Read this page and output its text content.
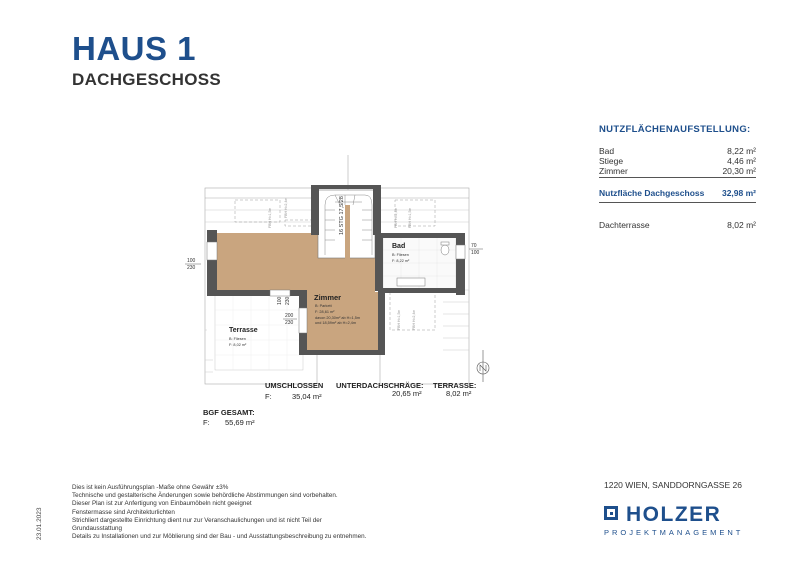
HAUS 1
DACHGESCHOSS
16 STG 17,5/28
Zimmer
B: Parkett
F: 28,61 m²
davon 20,30m² ab H=1,5m
und 18,59m² ab H=2,4m
Bad
B: Fliesen
F: 8,22 m²
Terrasse
B: Fliesen
F: 8,02 m²
100
230
70
100
200
230
100 230
FBH H=1,5m	FBH H=2,4m	FBH H=2,4m	FBH H=1,5m
FBH H=1,5m	FBH H=2,4m
UMSCHLOSSEN
F:	35,04 m²
UNTERDACHSCHRÄGE:
20,65 m²
TERRASSE:
8,02 m²
BGF GESAMT:
F: 55,69 m²
NUTZFLÄCHENAUFSTELLUNG:
Bad	8,22 m²
Stiege	4,46 m²
Zimmer	20,30 m²
Nutzfläche Dachgeschoss 32,98 m²
Dachterrasse	8,02 m²
Dies ist kein Ausführungsplan -Maße ohne Gewähr ±3%
Technische und gestalterische Änderungen sowie behördliche Abstimmungen sind vorbehalten.
Dieser Plan ist zur Anfertigung von Einbaumöbeln nicht geeignet
Fenstermasse sind Architekturlichten
Strichliert dargestellte Einrichtung dient nur zur Veranschaulichungen und ist nicht Teil der
Grundausstattung
Details zu Installationen und zur Möblierung sind der Bau - und Ausstattungsbeschreibung zu entnehmen.
23.01.2023
1220 WIEN, SANDDORNGASSE 26
HOLZER
PROJEKTMANAGEMENT
